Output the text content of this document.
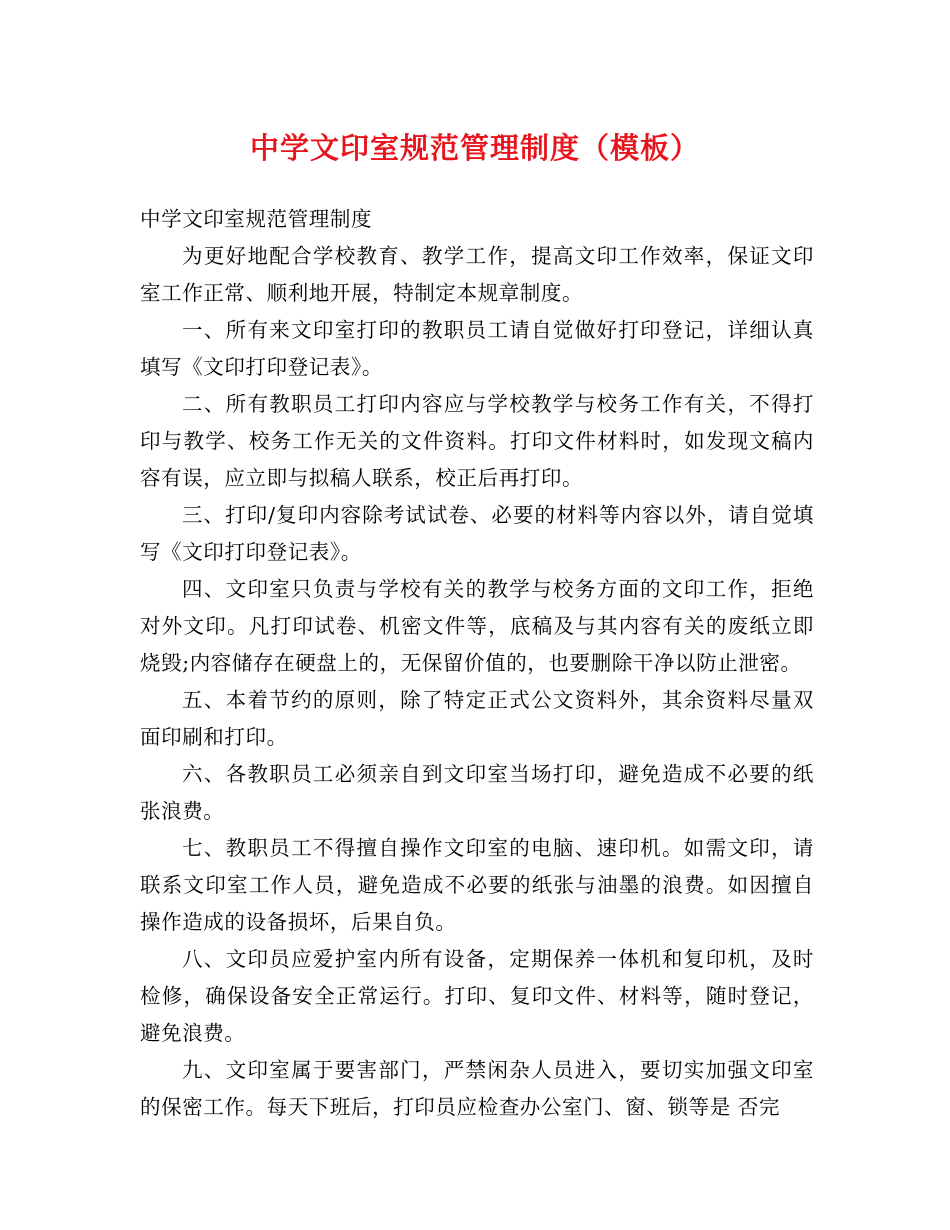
中学文印室规范管理制度（模板）

中学文印室规范管理制度

为更好地配合学校教育、教学工作，提高文印工作效率，保证文印室工作正常、顺利地开展，特制定本规章制度。

一、所有来文印室打印的教职员工请自觉做好打印登记，详细认真填写《文印打印登记表》。

二、所有教职员工打印内容应与学校教学与校务工作有关，不得打印与教学、校务工作无关的文件资料。打印文件材料时，如发现文稿内容有误，应立即与拟稿人联系，校正后再打印。

三、打印/复印内容除考试试卷、必要的材料等内容以外，请自觉填写《文印打印登记表》。

四、文印室只负责与学校有关的教学与校务方面的文印工作，拒绝对外文印。凡打印试卷、机密文件等，底稿及与其内容有关的废纸立即烧毁;内容储存在硬盘上的，无保留价值的，也要删除干净以防止泄密。

五、本着节约的原则，除了特定正式公文资料外，其余资料尽量双面印刷和打印。

六、各教职员工必须亲自到文印室当场打印，避免造成不必要的纸张浪费。

七、教职员工不得擅自操作文印室的电脑、速印机。如需文印，请联系文印室工作人员，避免造成不必要的纸张与油墨的浪费。如因擅自操作造成的设备损坏，后果自负。

八、文印员应爱护室内所有设备，定期保养一体机和复印机，及时检修，确保设备安全正常运行。打印、复印文件、材料等，随时登记，避免浪费。

九、文印室属于要害部门，严禁闲杂人员进入，要切实加强文印室的保密工作。每天下班后，打印员应检查办公室门、窗、锁等是 否完
